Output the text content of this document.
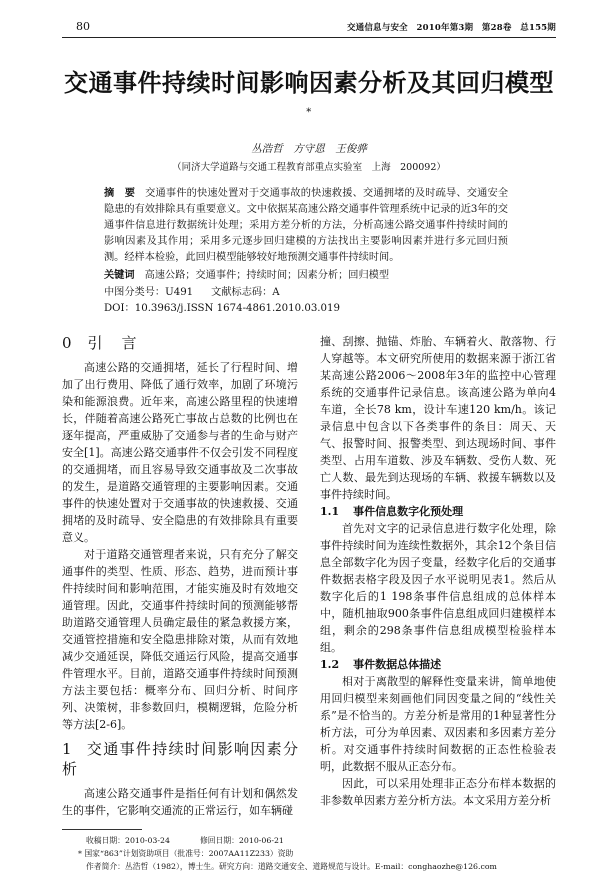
80	交通信息与安全　2010年第3期　第28卷　总155期
交通事件持续时间影响因素分析及其回归模型*
丛浩哲　方守恩　王俊骅
（同济大学道路与交通工程教育部重点实验室　上海　200092）
摘　要 交通事件的快速处置对于交通事故的快速救援、交通拥堵的及时疏导、交通安全隐患的有效排除具有重要意义。文中依据某高速公路交通事件管理系统中记录的近3年的交通事件信息进行数据统计处理；采用方差分析的方法，分析高速公路交通事件持续时间的影响因素及其作用；采用多元逐步回归建模的方法找出主要影响因素并进行多元回归预测。经样本检验，此回归模型能够较好地预测交通事件持续时间。
关键词 高速公路；交通事件；持续时间；因素分析；回归模型
中图分类号：U491 文献标志码：ADOI：10.3963/j.ISSN 1674-4861.2010.03.019
0 引　言

高速公路的交通拥堵，延长了行程时间、增加了出行费用、降低了通行效率，加剧了环境污染和能源浪费。近年来，高速公路里程的快速增长，伴随着高速公路死亡事故占总数的比例也在逐年提高，严重威胁了交通参与者的生命与财产安全[1]。高速公路交通事件不仅会引发不同程度的交通拥堵，而且容易导致交通事故及二次事故的发生，是道路交通管理的主要影响因素。交通事件的快速处置对于交通事故的快速救援、交通拥堵的及时疏导、安全隐患的有效排除具有重要意义。

对于道路交通管理者来说，只有充分了解交通事件的类型、性质、形态、趋势，进而预计事件持续时间和影响范围，才能实施及时有效地交通管理。因此，交通事件持续时间的预测能够帮助道路交通管理人员确定最佳的紧急救援方案，交通管控措施和安全隐患排除对策，从而有效地减少交通延误，降低交通运行风险，提高交通事件管理水平。目前，道路交通事件持续时间预测方法主要包括：概率分布、回归分析、时间序列、决策树，非参数回归，模糊逻辑，危险分析等方法[2-6]。

1 交通事件持续时间影响因素分析

高速公路交通事件是指任何有计划和偶然发生的事件，它影响交通流的正常运行，如车辆碰

撞、刮擦、抛锚、炸胎、车辆着火、散落物、行人穿越等。本文研究所使用的数据来源于浙江省某高速公路2006～2008年3年的监控中心管理系统的交通事件记录信息。该高速公路为单向4车道，全长78 km，设计车速120 km/h。该记录信息中包含以下各类事件的条目：周天、天气、报警时间、报警类型、到达现场时间、事件类型、占用车道数、涉及车辆数、受伤人数、死亡人数、最先到达现场的车辆、救援车辆数以及事件持续时间。

1.1 事件信息数字化预处理

首先对文字的记录信息进行数字化处理，除事件持续时间为连续性数据外，其余12个条目信息全部数字化为因子变量，经数字化后的交通事件数据表格字段及因子水平说明见表1。然后从数字化后的1 198条事件信息组成的总体样本中，随机抽取900条事件信息组成回归建模样本组，剩余的298条事件信息组成模型检验样本组。

1.2 事件数据总体描述

相对于离散型的解释性变量来讲，简单地使用回归模型来刻画他们同因变量之间的“线性关系”是不恰当的。方差分析是常用的1种显著性分析方法，可分为单因素、双因素和多因素方差分析。对交通事件持续时间数据的正态性检验表明，此数据不服从正态分布。

因此，可以采用处理非正态分布样本数据的非参数单因素方差分析方法。本文采用方差分析

收稿日期：2010-03-24	修回日期：2010-06-21
* 国家“863”计划资助项目（批准号：2007AA11Z233）资助
作者简介：丛浩哲（1982），博士生。研究方向：道路交通安全、道路规范与设计。E-mail：conghaozhe@126.com
